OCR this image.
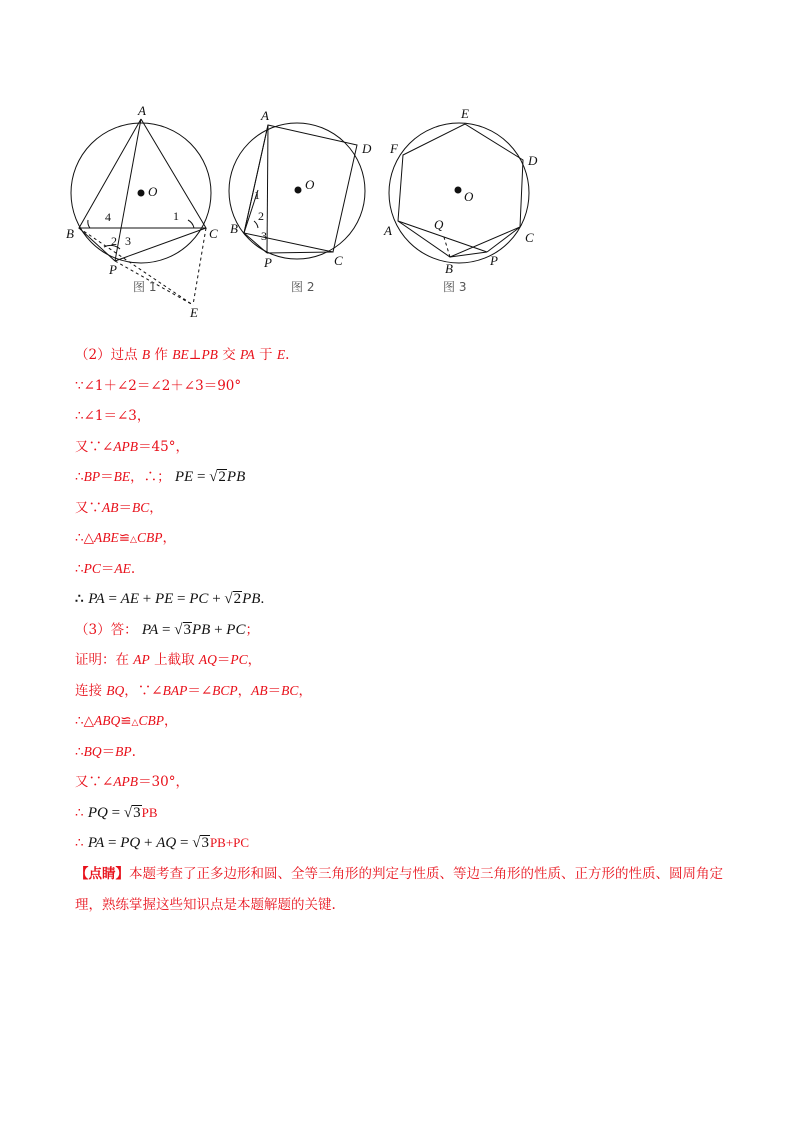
A
O
B	C
P
E
1
2 3
4
图 1
A
D
O
B
C
P
1
2
3
图 2
E
F
D
O
A	Q
C
B
P
图 3
（2）过点 B 作 BE⊥PB 交 PA 于 E.
∵∠1＋∠2＝∠2＋∠3＝90°
∴∠1＝∠3，
又∵∠APB＝45°，
∴BP＝BE，∴； PE = √2PB
又∵AB＝BC，
∴△ABE≌△CBP，
∴PC＝AE.
∴ PA = AE + PE = PC + √2PB.
（3）答： PA = √3PB + PC；
证明：在 AP 上截取 AQ＝PC，
连接 BQ，∵∠BAP＝∠BCP，AB＝BC，
∴△ABQ≌△CBP，
∴BQ＝BP.
又∵∠APB＝30°，
∴ PQ = √3PB
∴ PA = PQ + AQ = √3PB+PC
【点睛】本题考查了正多边形和圆、全等三角形的判定与性质、等边三角形的性质、正方形的性质、圆周角定理，熟练掌握这些知识点是本题解题的关键.
